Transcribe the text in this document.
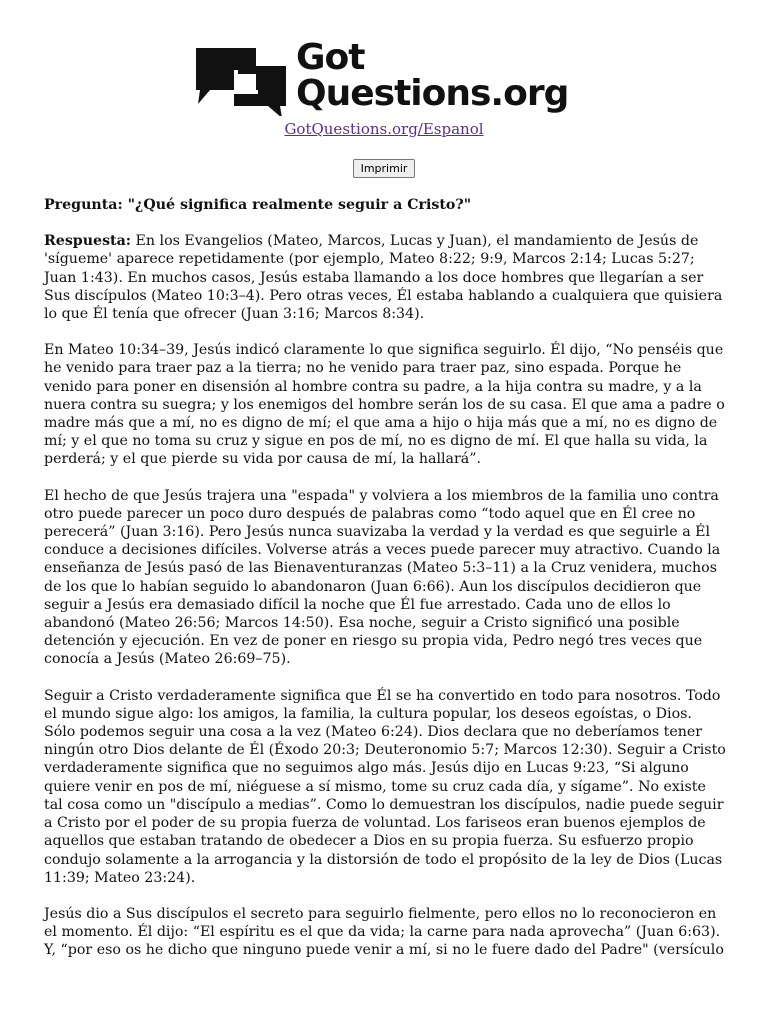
Got
Questions.org
GotQuestions.org/Espanol
Imprimir
Pregunta: "¿Qué significa realmente seguir a Cristo?"

Respuesta: En los Evangelios (Mateo, Marcos, Lucas y Juan), el mandamiento de Jesús de 'sígueme' aparece repetidamente (por ejemplo, Mateo 8:22; 9:9, Marcos 2:14; Lucas 5:27; Juan 1:43). En muchos casos, Jesús estaba llamando a los doce hombres que llegarían a ser Sus discípulos (Mateo 10:3–4). Pero otras veces, Él estaba hablando a cualquiera que quisiera lo que Él tenía que ofrecer (Juan 3:16; Marcos 8:34).

En Mateo 10:34–39, Jesús indicó claramente lo que significa seguirlo. Él dijo, “No penséis que he venido para traer paz a la tierra; no he venido para traer paz, sino espada. Porque he venido para poner en disensión al hombre contra su padre, a la hija contra su madre, y a la nuera contra su suegra; y los enemigos del hombre serán los de su casa. El que ama a padre o madre más que a mí, no es digno de mí; el que ama a hijo o hija más que a mí, no es digno de mí; y el que no toma su cruz y sigue en pos de mí, no es digno de mí. El que halla su vida, la perderá; y el que pierde su vida por causa de mí, la hallará”.

El hecho de que Jesús trajera una "espada" y volviera a los miembros de la familia uno contra otro puede parecer un poco duro después de palabras como “todo aquel que en Él cree no perecerá” (Juan 3:16). Pero Jesús nunca suavizaba la verdad y la verdad es que seguirle a Él conduce a decisiones difíciles. Volverse atrás a veces puede parecer muy atractivo. Cuando la enseñanza de Jesús pasó de las Bienaventuranzas (Mateo 5:3–11) a la Cruz venidera, muchos de los que lo habían seguido lo abandonaron (Juan 6:66). Aun los discípulos decidieron que seguir a Jesús era demasiado difícil la noche que Él fue arrestado. Cada uno de ellos lo abandonó (Mateo 26:56; Marcos 14:50). Esa noche, seguir a Cristo significó una posible detención y ejecución. En vez de poner en riesgo su propia vida, Pedro negó tres veces que conocía a Jesús (Mateo 26:69–75).

Seguir a Cristo verdaderamente significa que Él se ha convertido en todo para nosotros. Todo el mundo sigue algo: los amigos, la familia, la cultura popular, los deseos egoístas, o Dios. Sólo podemos seguir una cosa a la vez (Mateo 6:24). Dios declara que no deberíamos tener ningún otro Dios delante de Él (Éxodo 20:3; Deuteronomio 5:7; Marcos 12:30). Seguir a Cristo verdaderamente significa que no seguimos algo más. Jesús dijo en Lucas 9:23, “Si alguno quiere venir en pos de mí, niéguese a sí mismo, tome su cruz cada día, y sígame”. No existe tal cosa como un "discípulo a medias”. Como lo demuestran los discípulos, nadie puede seguir a Cristo por el poder de su propia fuerza de voluntad. Los fariseos eran buenos ejemplos de aquellos que estaban tratando de obedecer a Dios en su propia fuerza. Su esfuerzo propio condujo solamente a la arrogancia y la distorsión de todo el propósito de la ley de Dios (Lucas 11:39; Mateo 23:24).

Jesús dio a Sus discípulos el secreto para seguirlo fielmente, pero ellos no lo reconocieron en el momento. Él dijo: “El espíritu es el que da vida; la carne para nada aprovecha” (Juan 6:63). Y, “por eso os he dicho que ninguno puede venir a mí, si no le fuere dado del Padre" (versículo
